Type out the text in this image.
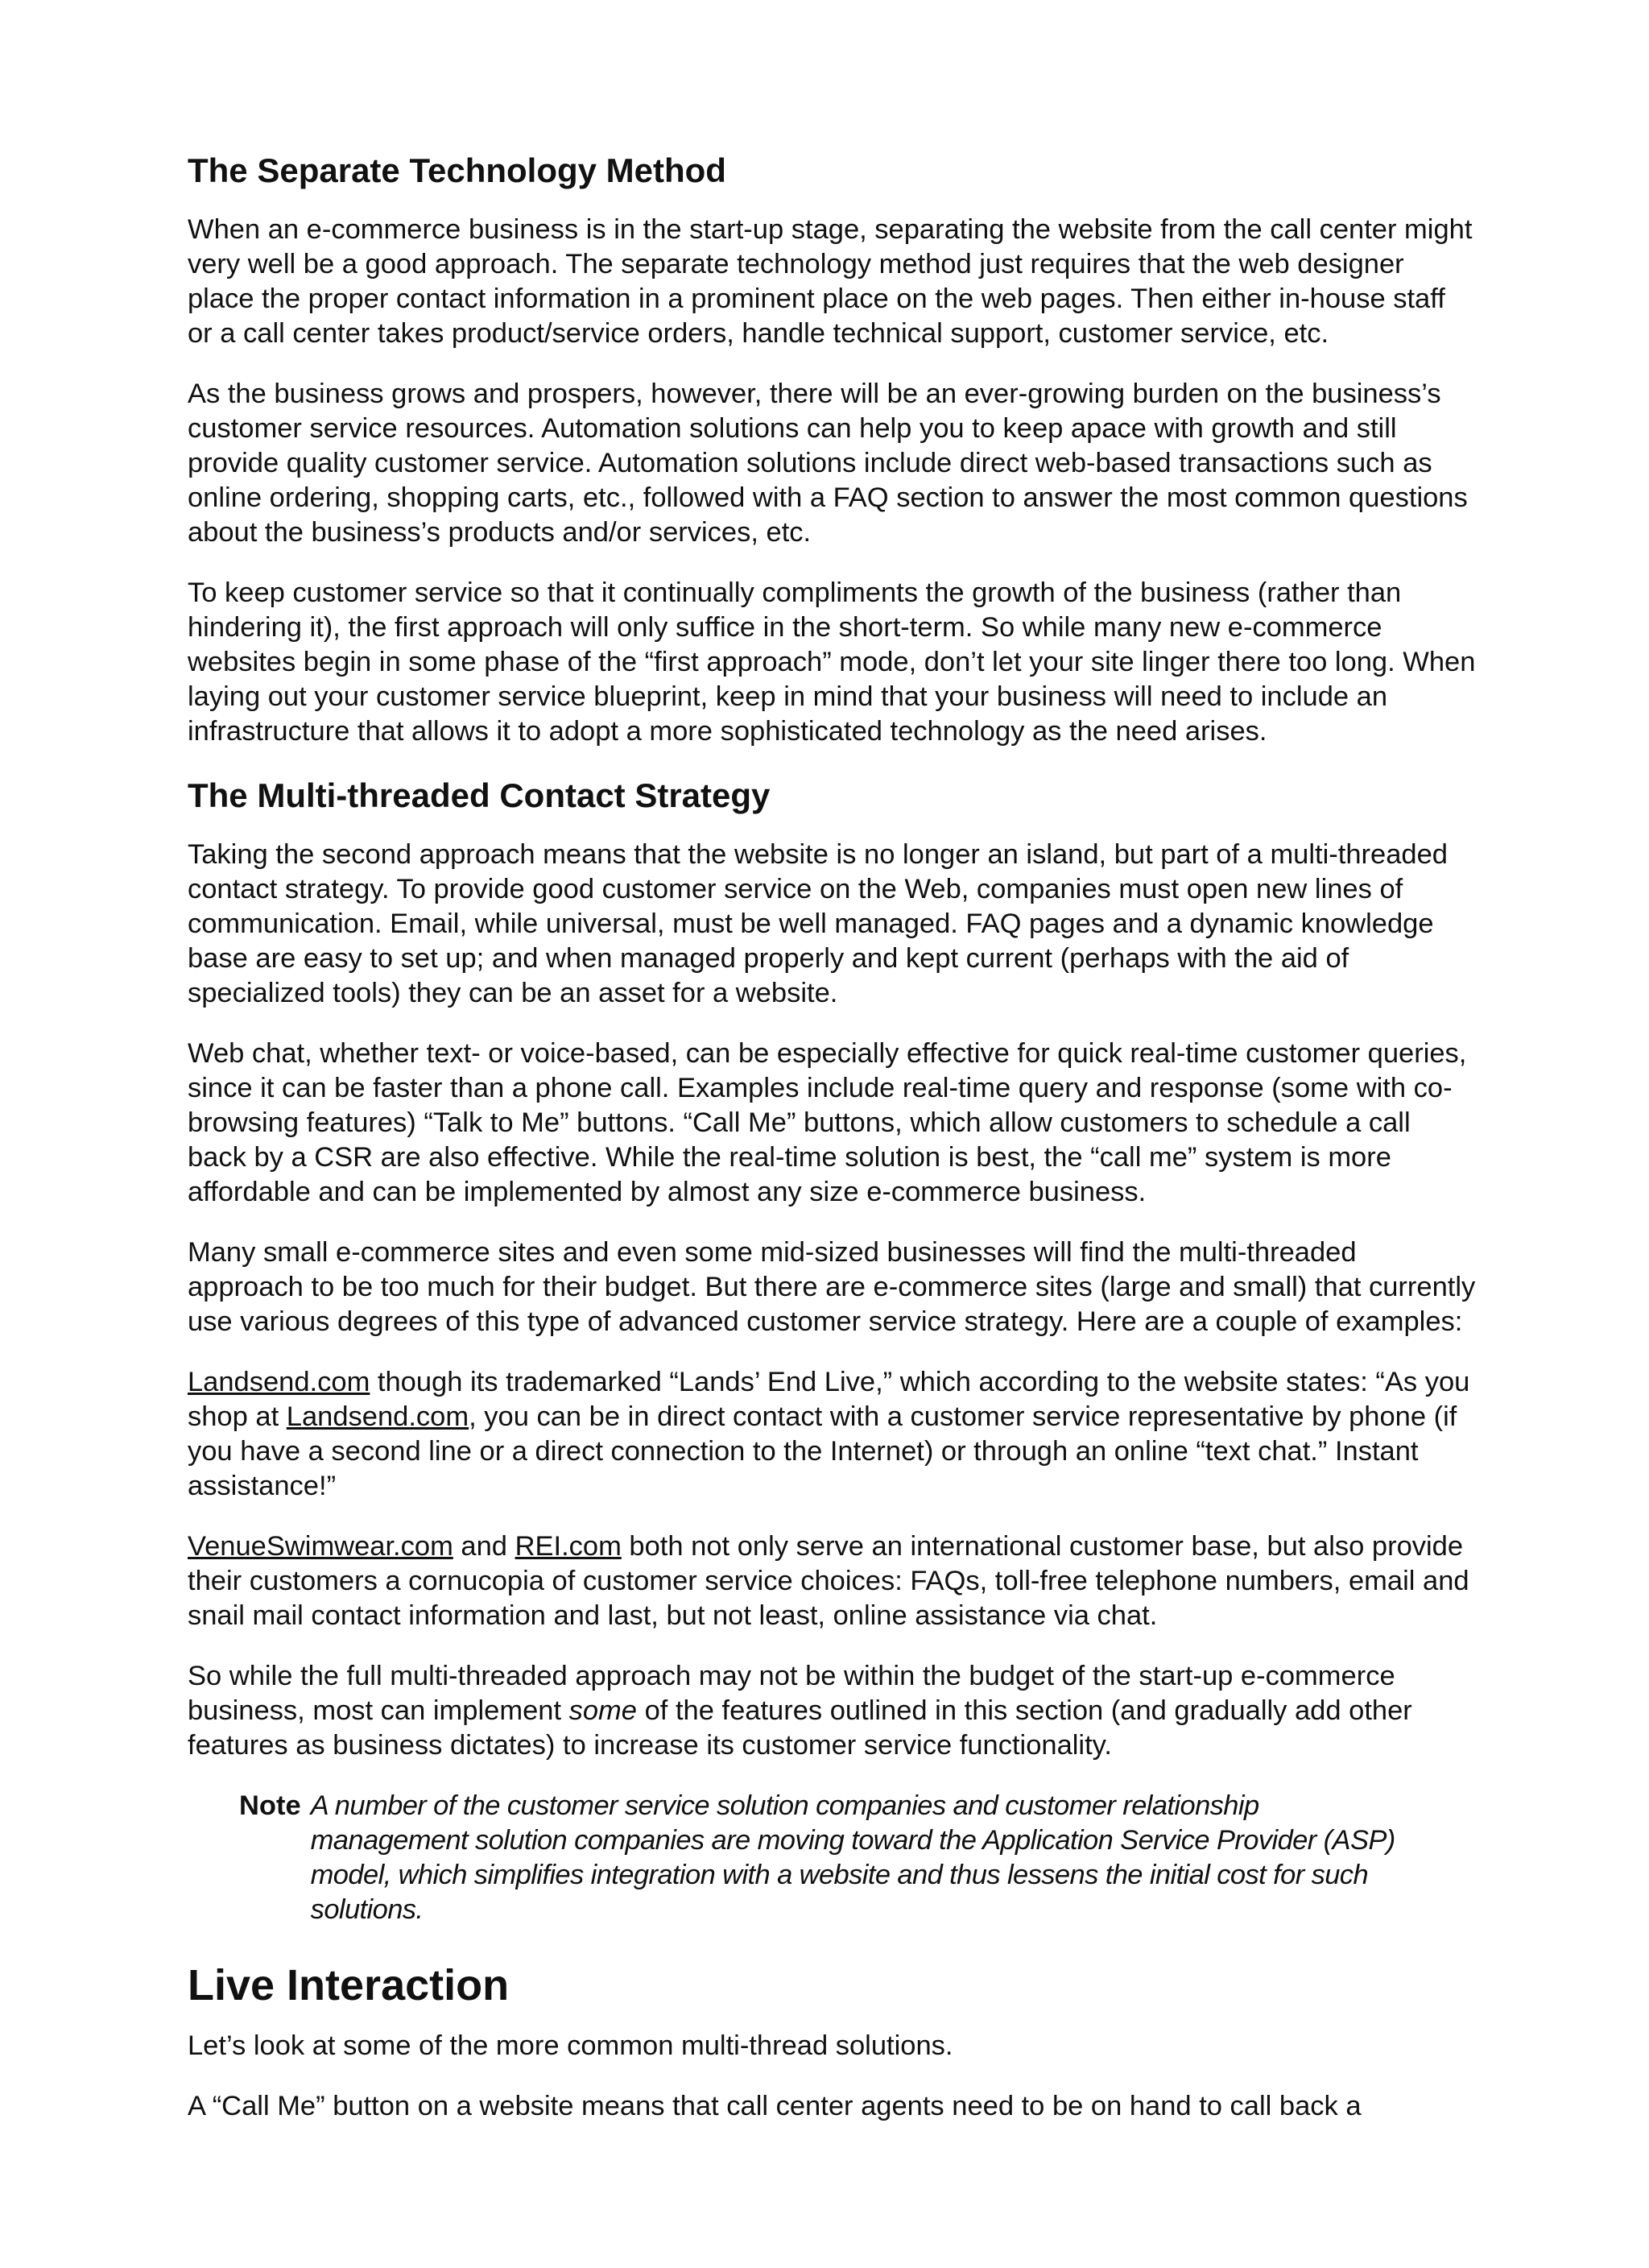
The Separate Technology Method

When an e-commerce business is in the start-up stage, separating the website from the call center might very well be a good approach. The separate technology method just requires that the web designer place the proper contact information in a prominent place on the web pages. Then either in-house staff or a call center takes product/service orders, handle technical support, customer service, etc.

As the business grows and prospers, however, there will be an ever-growing burden on the business’s customer service resources. Automation solutions can help you to keep apace with growth and still provide quality customer service. Automation solutions include direct web-based transactions such as online ordering, shopping carts, etc., followed with a FAQ section to answer the most common questions about the business’s products and/or services, etc.

To keep customer service so that it continually compliments the growth of the business (rather than hindering it), the first approach will only suffice in the short-term. So while many new e-commerce websites begin in some phase of the “first approach” mode, don’t let your site linger there too long. When laying out your customer service blueprint, keep in mind that your business will need to include an infrastructure that allows it to adopt a more sophisticated technology as the need arises.

The Multi-threaded Contact Strategy

Taking the second approach means that the website is no longer an island, but part of a multi-threaded contact strategy. To provide good customer service on the Web, companies must open new lines of communication. Email, while universal, must be well managed. FAQ pages and a dynamic knowledge base are easy to set up; and when managed properly and kept current (perhaps with the aid of specialized tools) they can be an asset for a website.

Web chat, whether text- or voice-based, can be especially effective for quick real-time customer queries, since it can be faster than a phone call. Examples include real-time query and response (some with co-browsing features) “Talk to Me” buttons. “Call Me” buttons, which allow customers to schedule a call back by a CSR are also effective. While the real-time solution is best, the “call me” system is more affordable and can be implemented by almost any size e-commerce business.

Many small e-commerce sites and even some mid-sized businesses will find the multi-threaded approach to be too much for their budget. But there are e-commerce sites (large and small) that currently use various degrees of this type of advanced customer service strategy. Here are a couple of examples:

Landsend.com though its trademarked “Lands’ End Live,” which according to the website states: “As you shop at Landsend.com, you can be in direct contact with a customer service representative by phone (if you have a second line or a direct connection to the Internet) or through an online “text chat.” Instant assistance!”

VenueSwimwear.com and REI.com both not only serve an international customer base, but also provide their customers a cornucopia of customer service choices: FAQs, toll-free telephone numbers, email and snail mail contact information and last, but not least, online assistance via chat.

So while the full multi-threaded approach may not be within the budget of the start-up e-commerce business, most can implement some of the features outlined in this section (and gradually add other features as business dictates) to increase its customer service functionality.

Note A number of the customer service solution companies and customer relationship management solution companies are moving toward the Application Service Provider (ASP) model, which simplifies integration with a website and thus lessens the initial cost for such solutions.
Live Interaction

Let’s look at some of the more common multi-thread solutions.

A “Call Me” button on a website means that call center agents need to be on hand to call back a
